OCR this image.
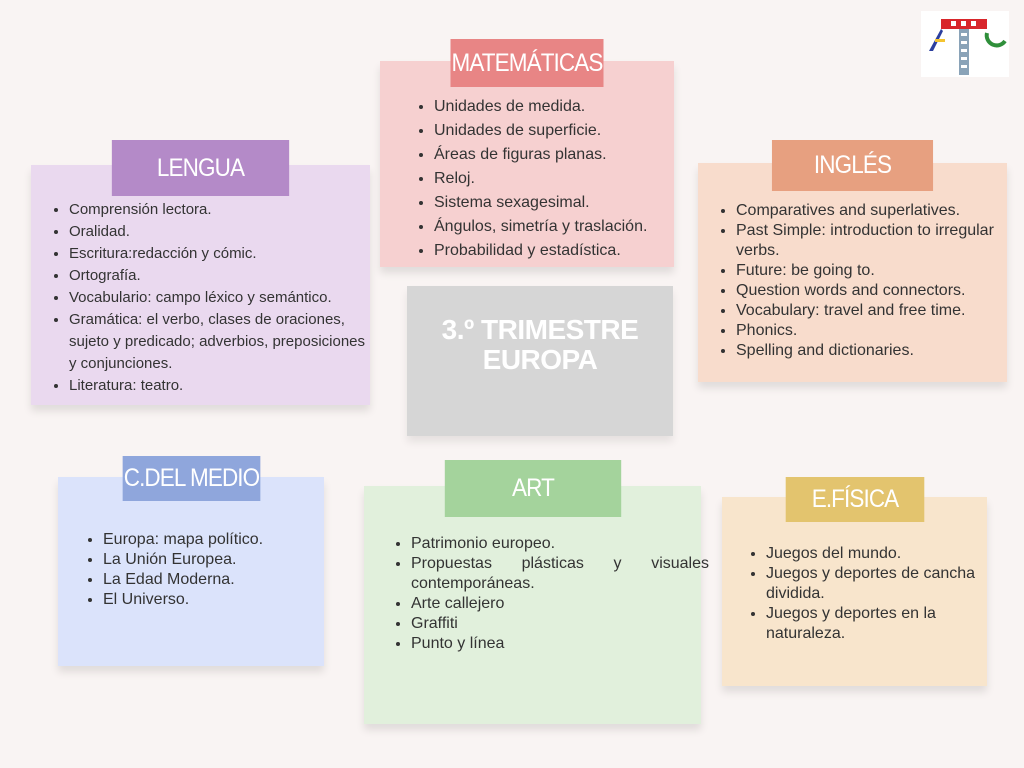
MATEMÁTICAS
• Unidades de medida.
• Unidades de superficie.
• Áreas de figuras planas.
• Reloj.
• Sistema sexagesimal.
• Ángulos, simetría y traslación.
• Probabilidad y estadística.
LENGUA
• Comprensión lectora.
• Oralidad.
• Escritura:redacción y cómic.
• Ortografía.
• Vocabulario: campo léxico y semántico.
• Gramática: el verbo, clases de oraciones, sujeto y predicado; adverbios, preposiciones y conjunciones.
• Literatura: teatro.
INGLÉS
• Comparatives and superlatives.
• Past Simple: introduction to irregular verbs.
• Future: be going to.
• Question words and connectors.
• Vocabulary: travel and free time.
• Phonics.
• Spelling and dictionaries.
3.º TRIMESTRE
EUROPA
C.DEL MEDIO
• Europa: mapa político.
• La Unión Europea.
• La Edad Moderna.
• El Universo.
ART
• Patrimonio europeo.
• Propuestas plásticas y visuales contemporáneas.
• Arte callejero
• Graffiti
• Punto y línea
E.FÍSICA
• Juegos del mundo.
• Juegos y deportes de cancha dividida.
• Juegos y deportes en la naturaleza.
